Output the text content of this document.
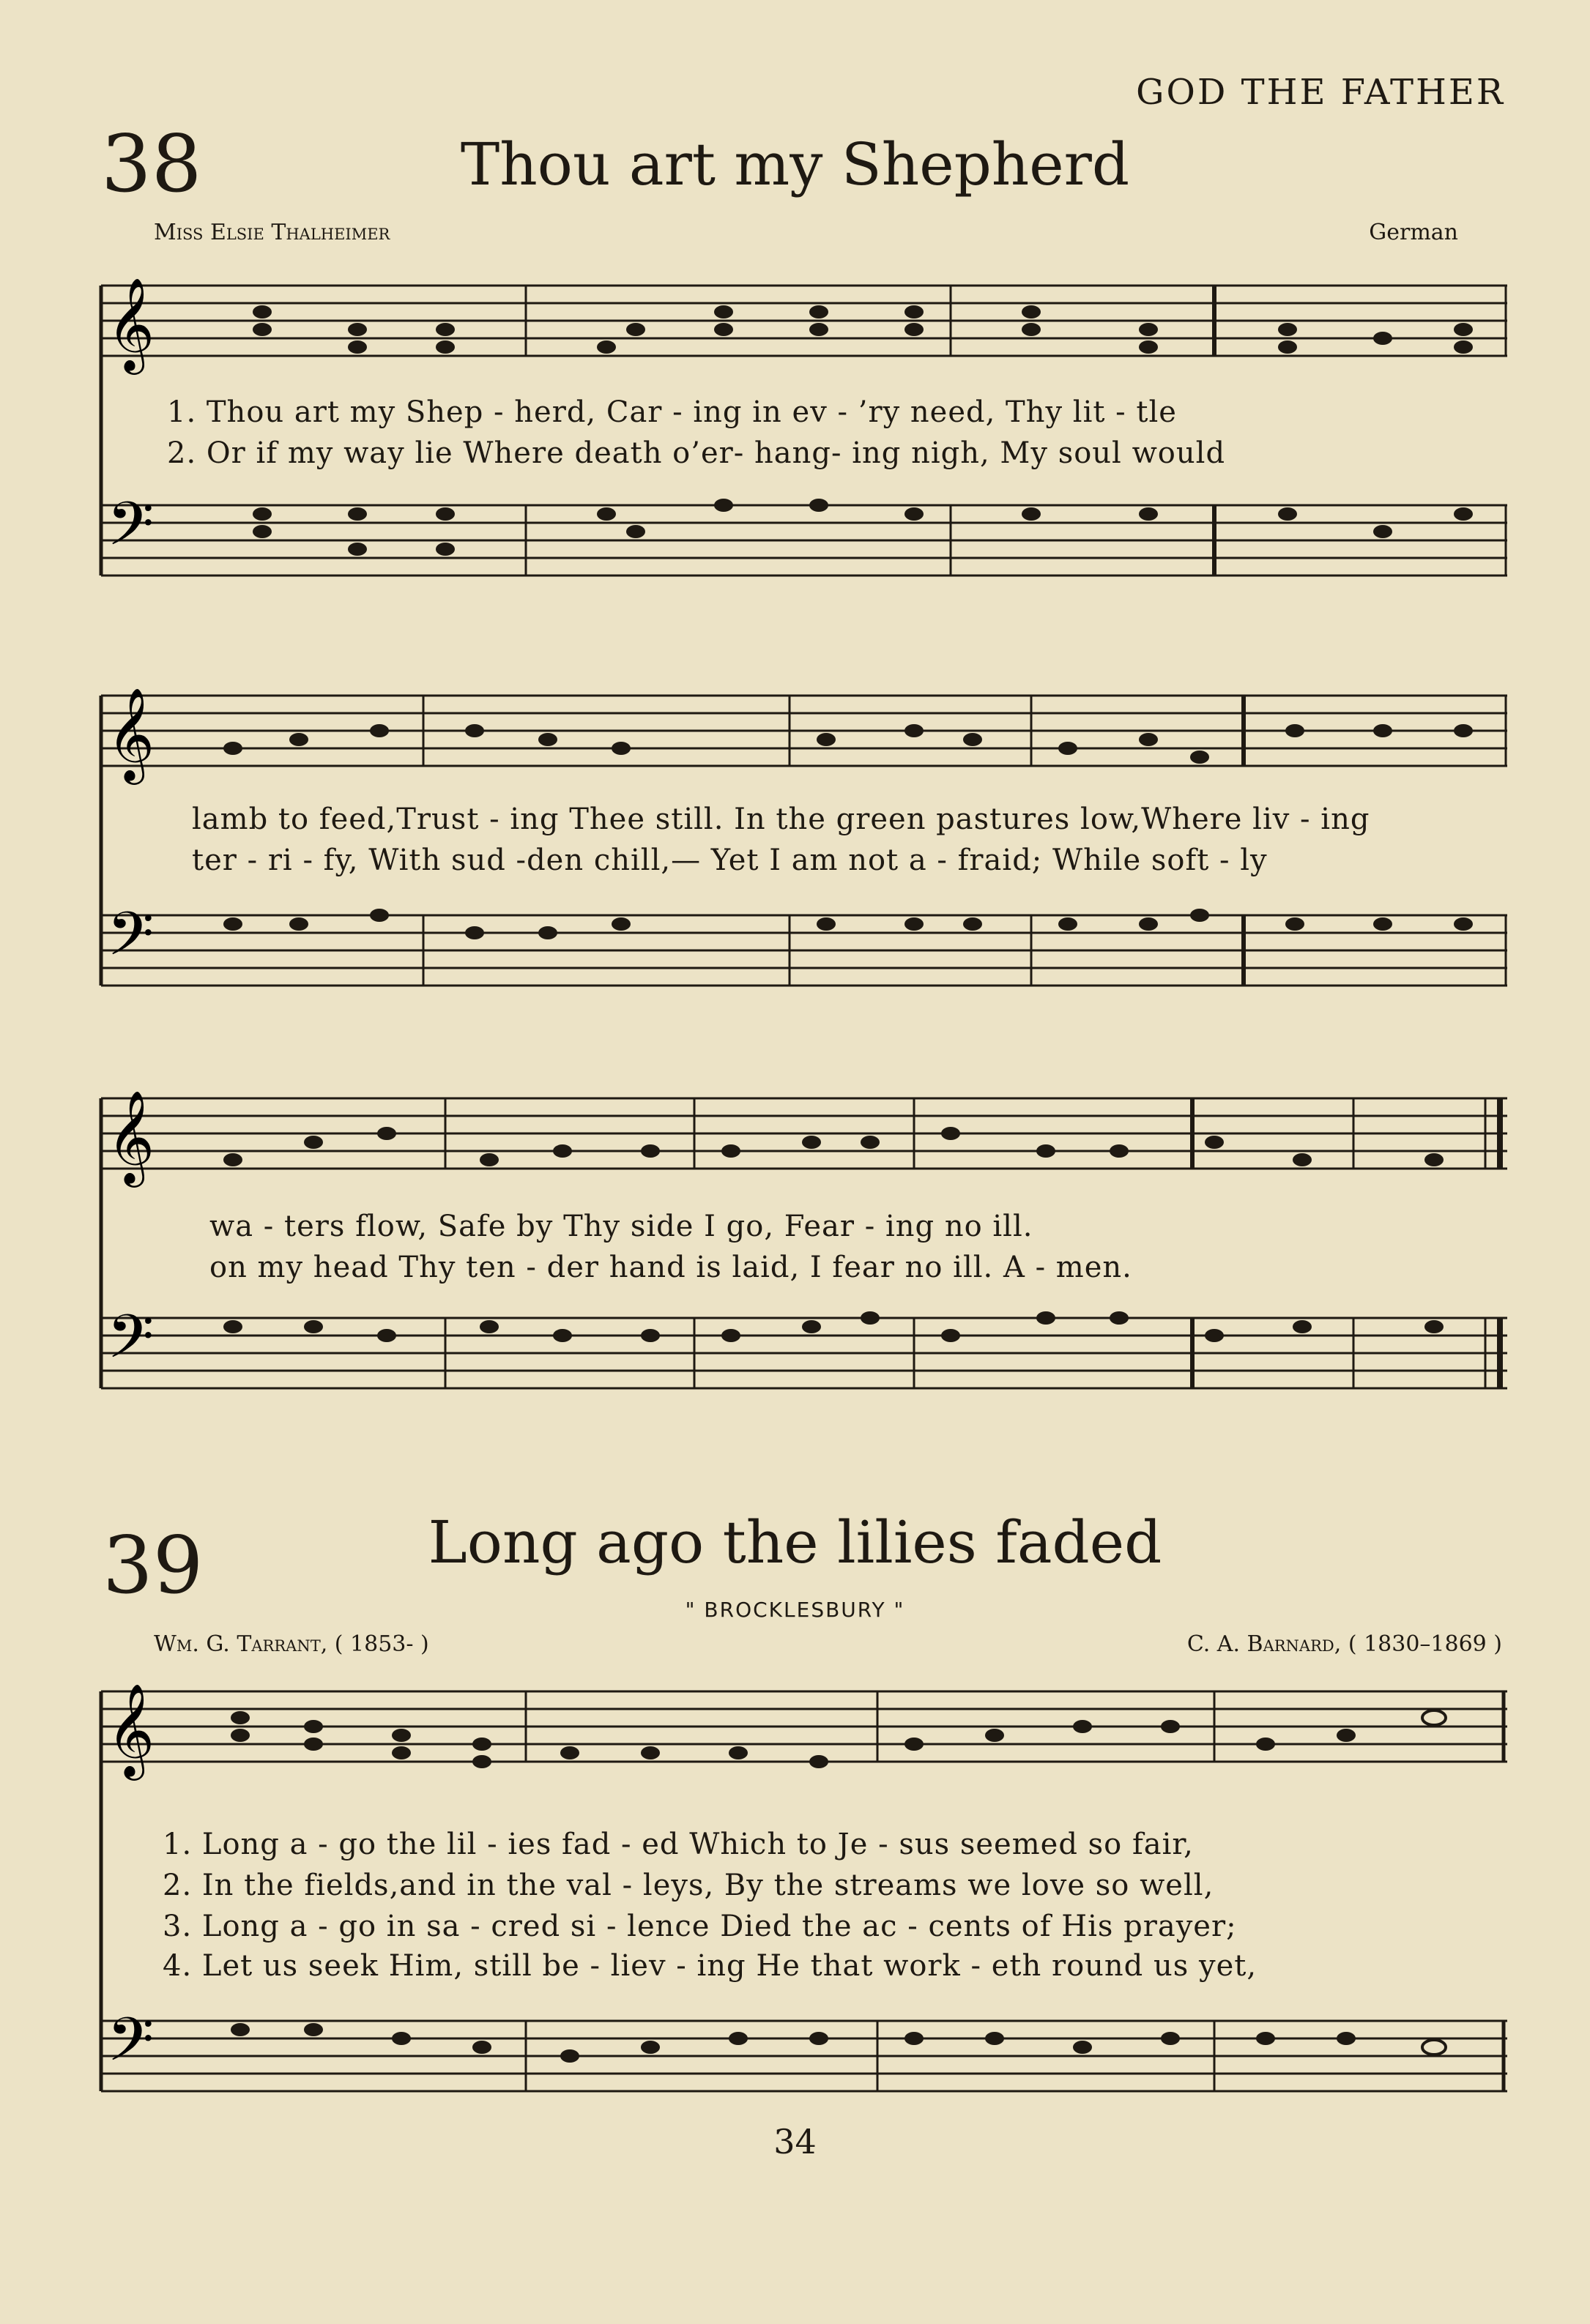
GOD THE FATHER
38	Thou art my Shepherd
Miss Elsie Thalheimer	German
𝄞
𝄢
1. Thou art my Shep - herd, Car - ing in ev - ’ry need, Thy lit - tle
2. Or if my way lie Where death o’er- hang- ing nigh, My soul would
𝄞
𝄢
lamb to feed,Trust - ing Thee still. In the green pastures low,Where liv - ing
ter - ri - fy, With sud -den chill,— Yet I am not a - fraid; While soft - ly
𝄞
𝄢
wa - ters flow, Safe by Thy side I go, Fear - ing no ill.
on my head Thy ten - der hand is laid, I fear no ill. A - men.
39	Long ago the lilies faded
" BROCKLESBURY "
Wm. G. Tarrant, ( 1853- )	C. A. Barnard, ( 1830–1869 )
𝄞
𝄢
1. Long a - go the lil - ies fad - ed Which to Je - sus seemed so fair,
2. In the fields,and in the val - leys, By the streams we love so well,
3. Long a - go in sa - cred si - lence Died the ac - cents of His prayer;
4. Let us seek Him, still be - liev - ing He that work - eth round us yet,
34
